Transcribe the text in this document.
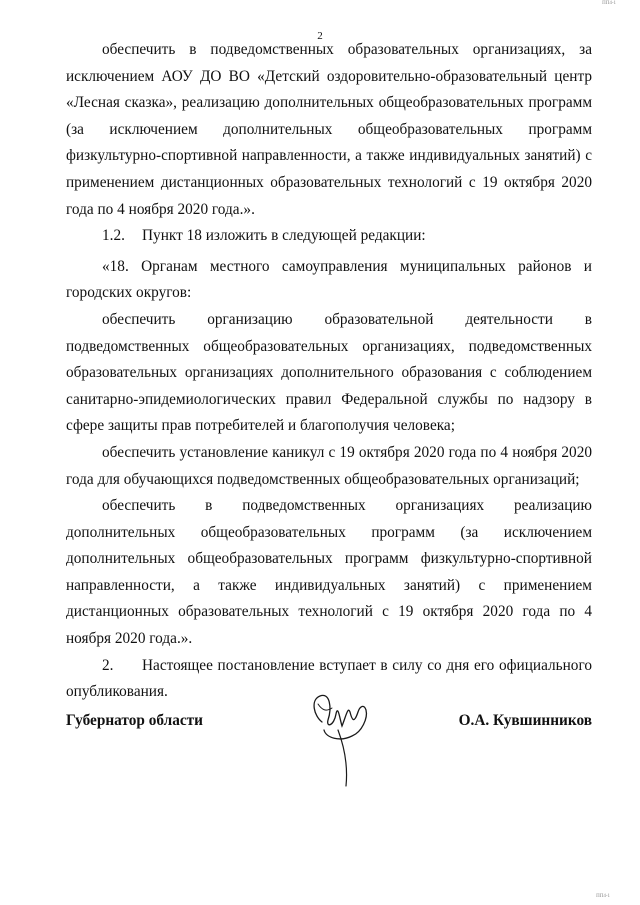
ПП4-1
2

обеспечить в подведомственных образовательных организациях, за исключением АОУ ДО ВО «Детский оздоровительно-образовательный центр «Лесная сказка», реализацию дополнительных общеобразовательных программ (за исключением дополнительных общеобразовательных программ физкультурно-спортивной направленности, а также индивидуальных занятий) с применением дистанционных образовательных технологий с 19 октября 2020 года по 4 ноября 2020 года.».

1.2. Пункт 18 изложить в следующей редакции:

«18. Органам местного самоуправления муниципальных районов и городских округов:

обеспечить организацию образовательной деятельности в подведомственных общеобразовательных организациях, подведомственных образовательных организациях дополнительного образования с соблюдением санитарно-эпидемиологических правил Федеральной службы по надзору в сфере защиты прав потребителей и благополучия человека;

обеспечить установление каникул с 19 октября 2020 года по 4 ноября 2020 года для обучающихся подведомственных общеобразовательных организаций;

обеспечить в подведомственных организациях реализацию дополнительных общеобразовательных программ (за исключением дополнительных общеобразовательных программ физкультурно-спортивной направленности, а также индивидуальных занятий) с применением дистанционных образовательных технологий с 19 октября 2020 года по 4 ноября 2020 года.».

2. Настоящее постановление вступает в силу со дня его официального опубликования.

Губернатор области	О.А. Кувшинников
ПП4-1
